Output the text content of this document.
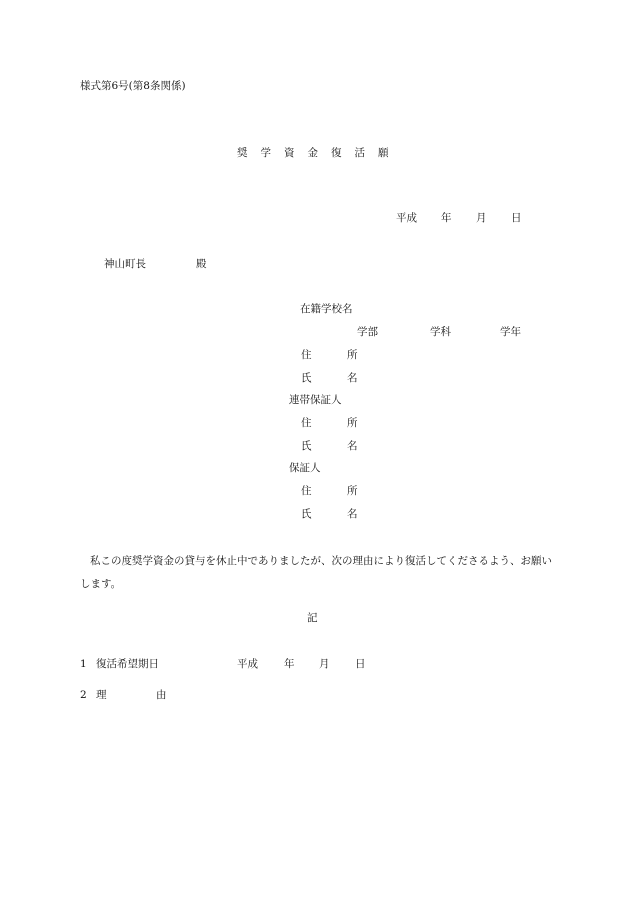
様式第6号(第8条関係)
奨 学 資 金 復 活 願
平成 年 月 日
神山町長	殿
在籍学校名
学部	学科	学年
住	所
氏	名
連帯保証人
住	所
氏	名
保証人
住	所
氏	名
私この度奨学資金の貸与を休止中でありましたが、次の理由により復活してくださるよう、お願いします。
記
1 復活希望期日	平成 年 月 日
2 理	由
